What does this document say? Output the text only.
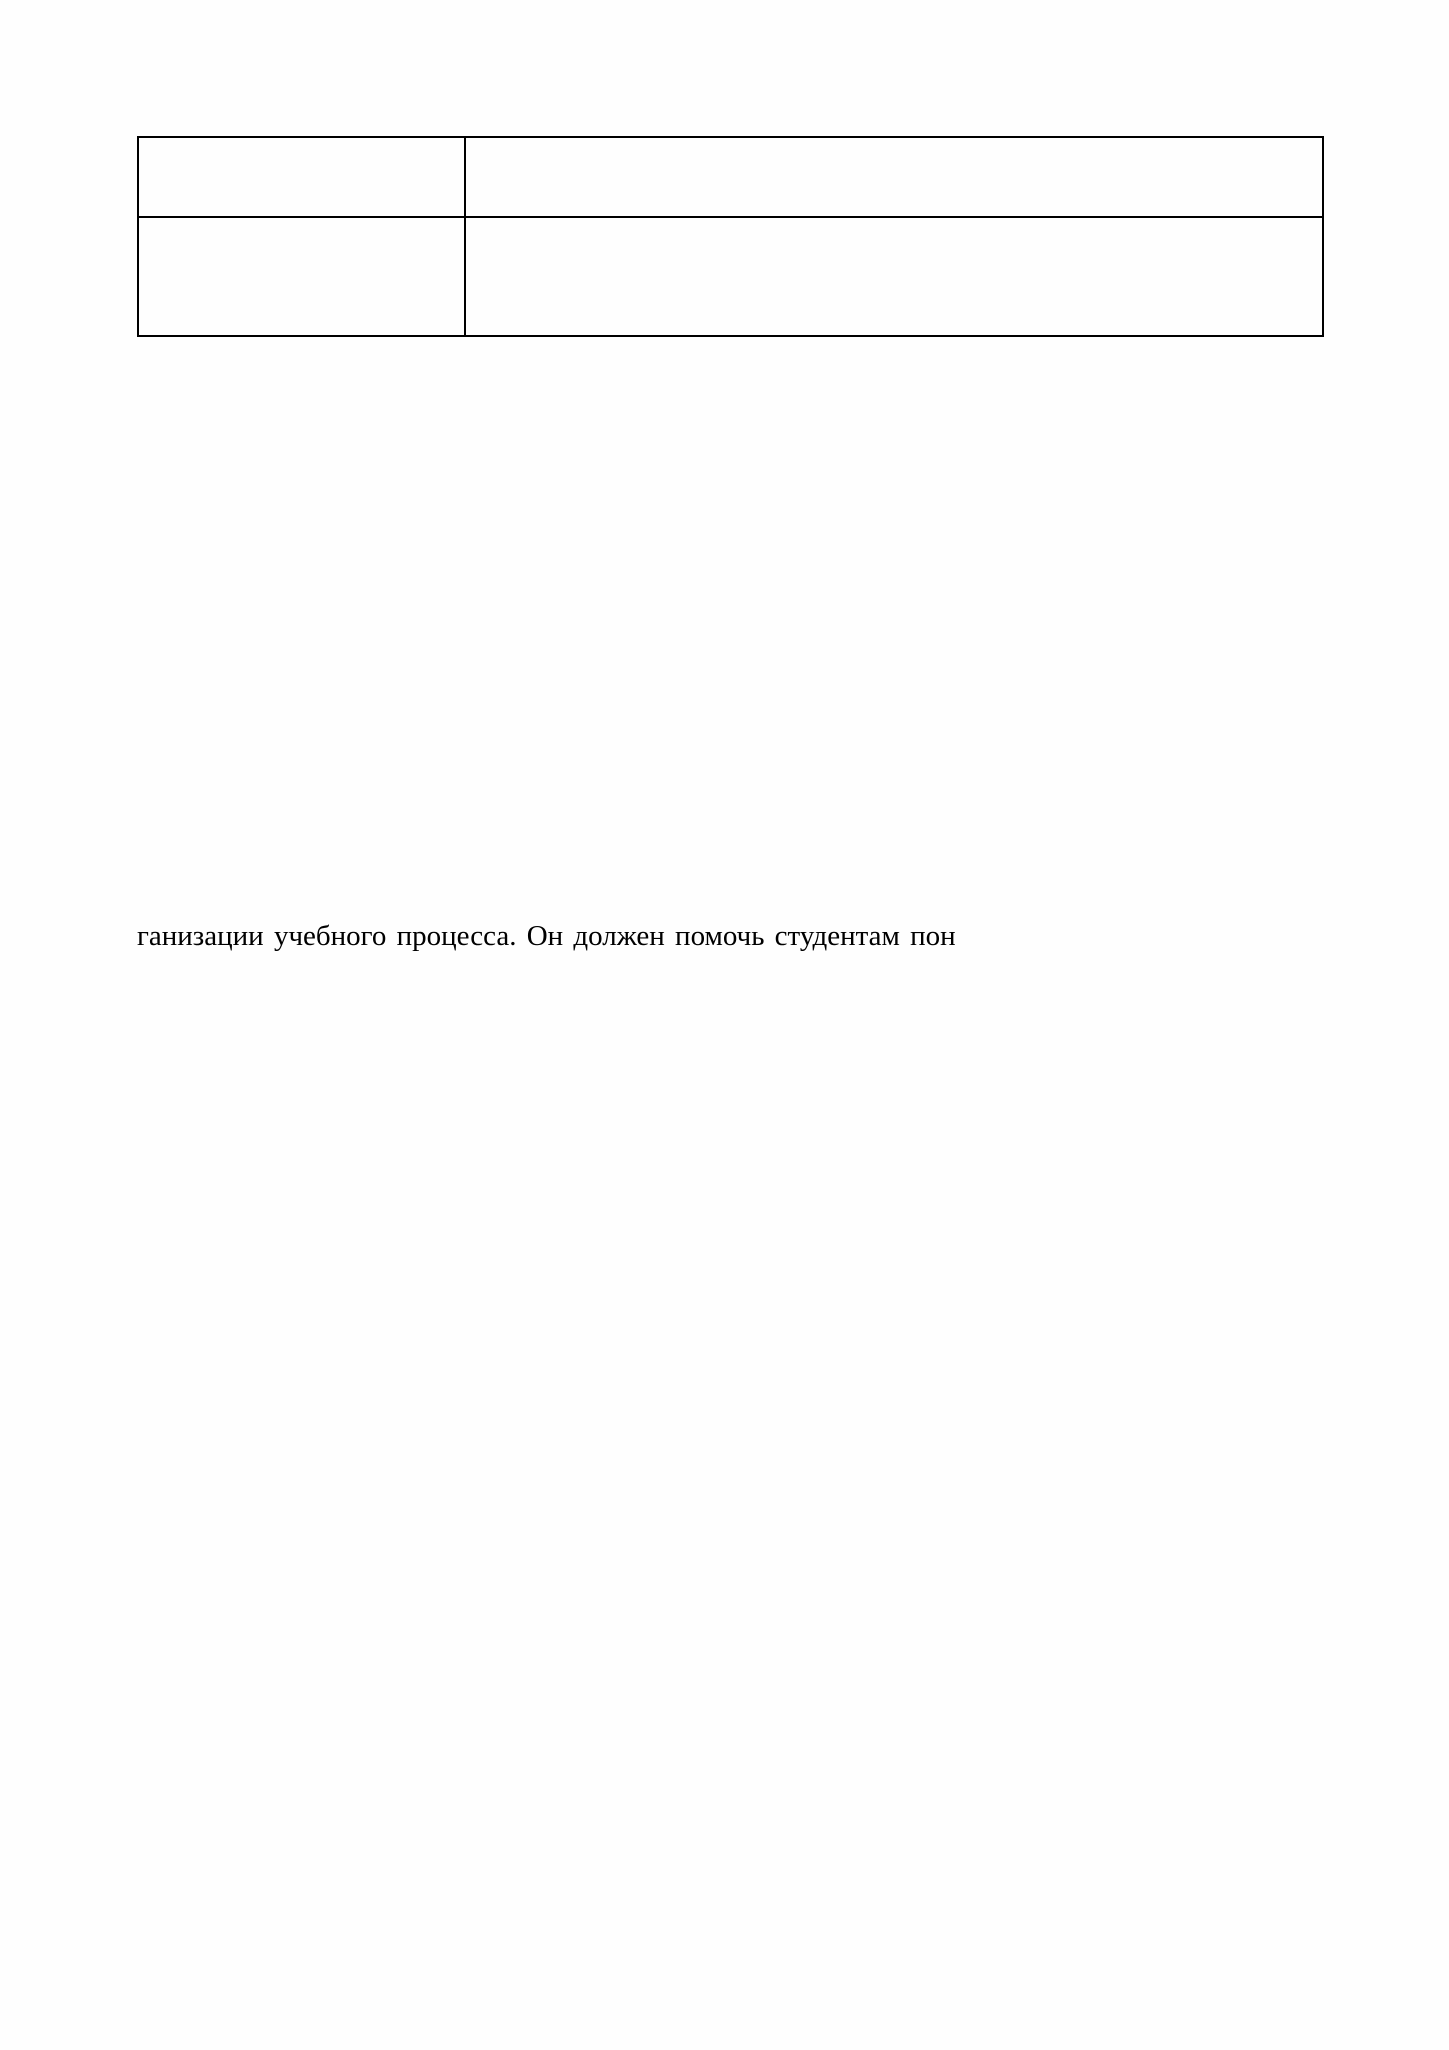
ганизации учебного процесса. Он должен помочь студентам пон
